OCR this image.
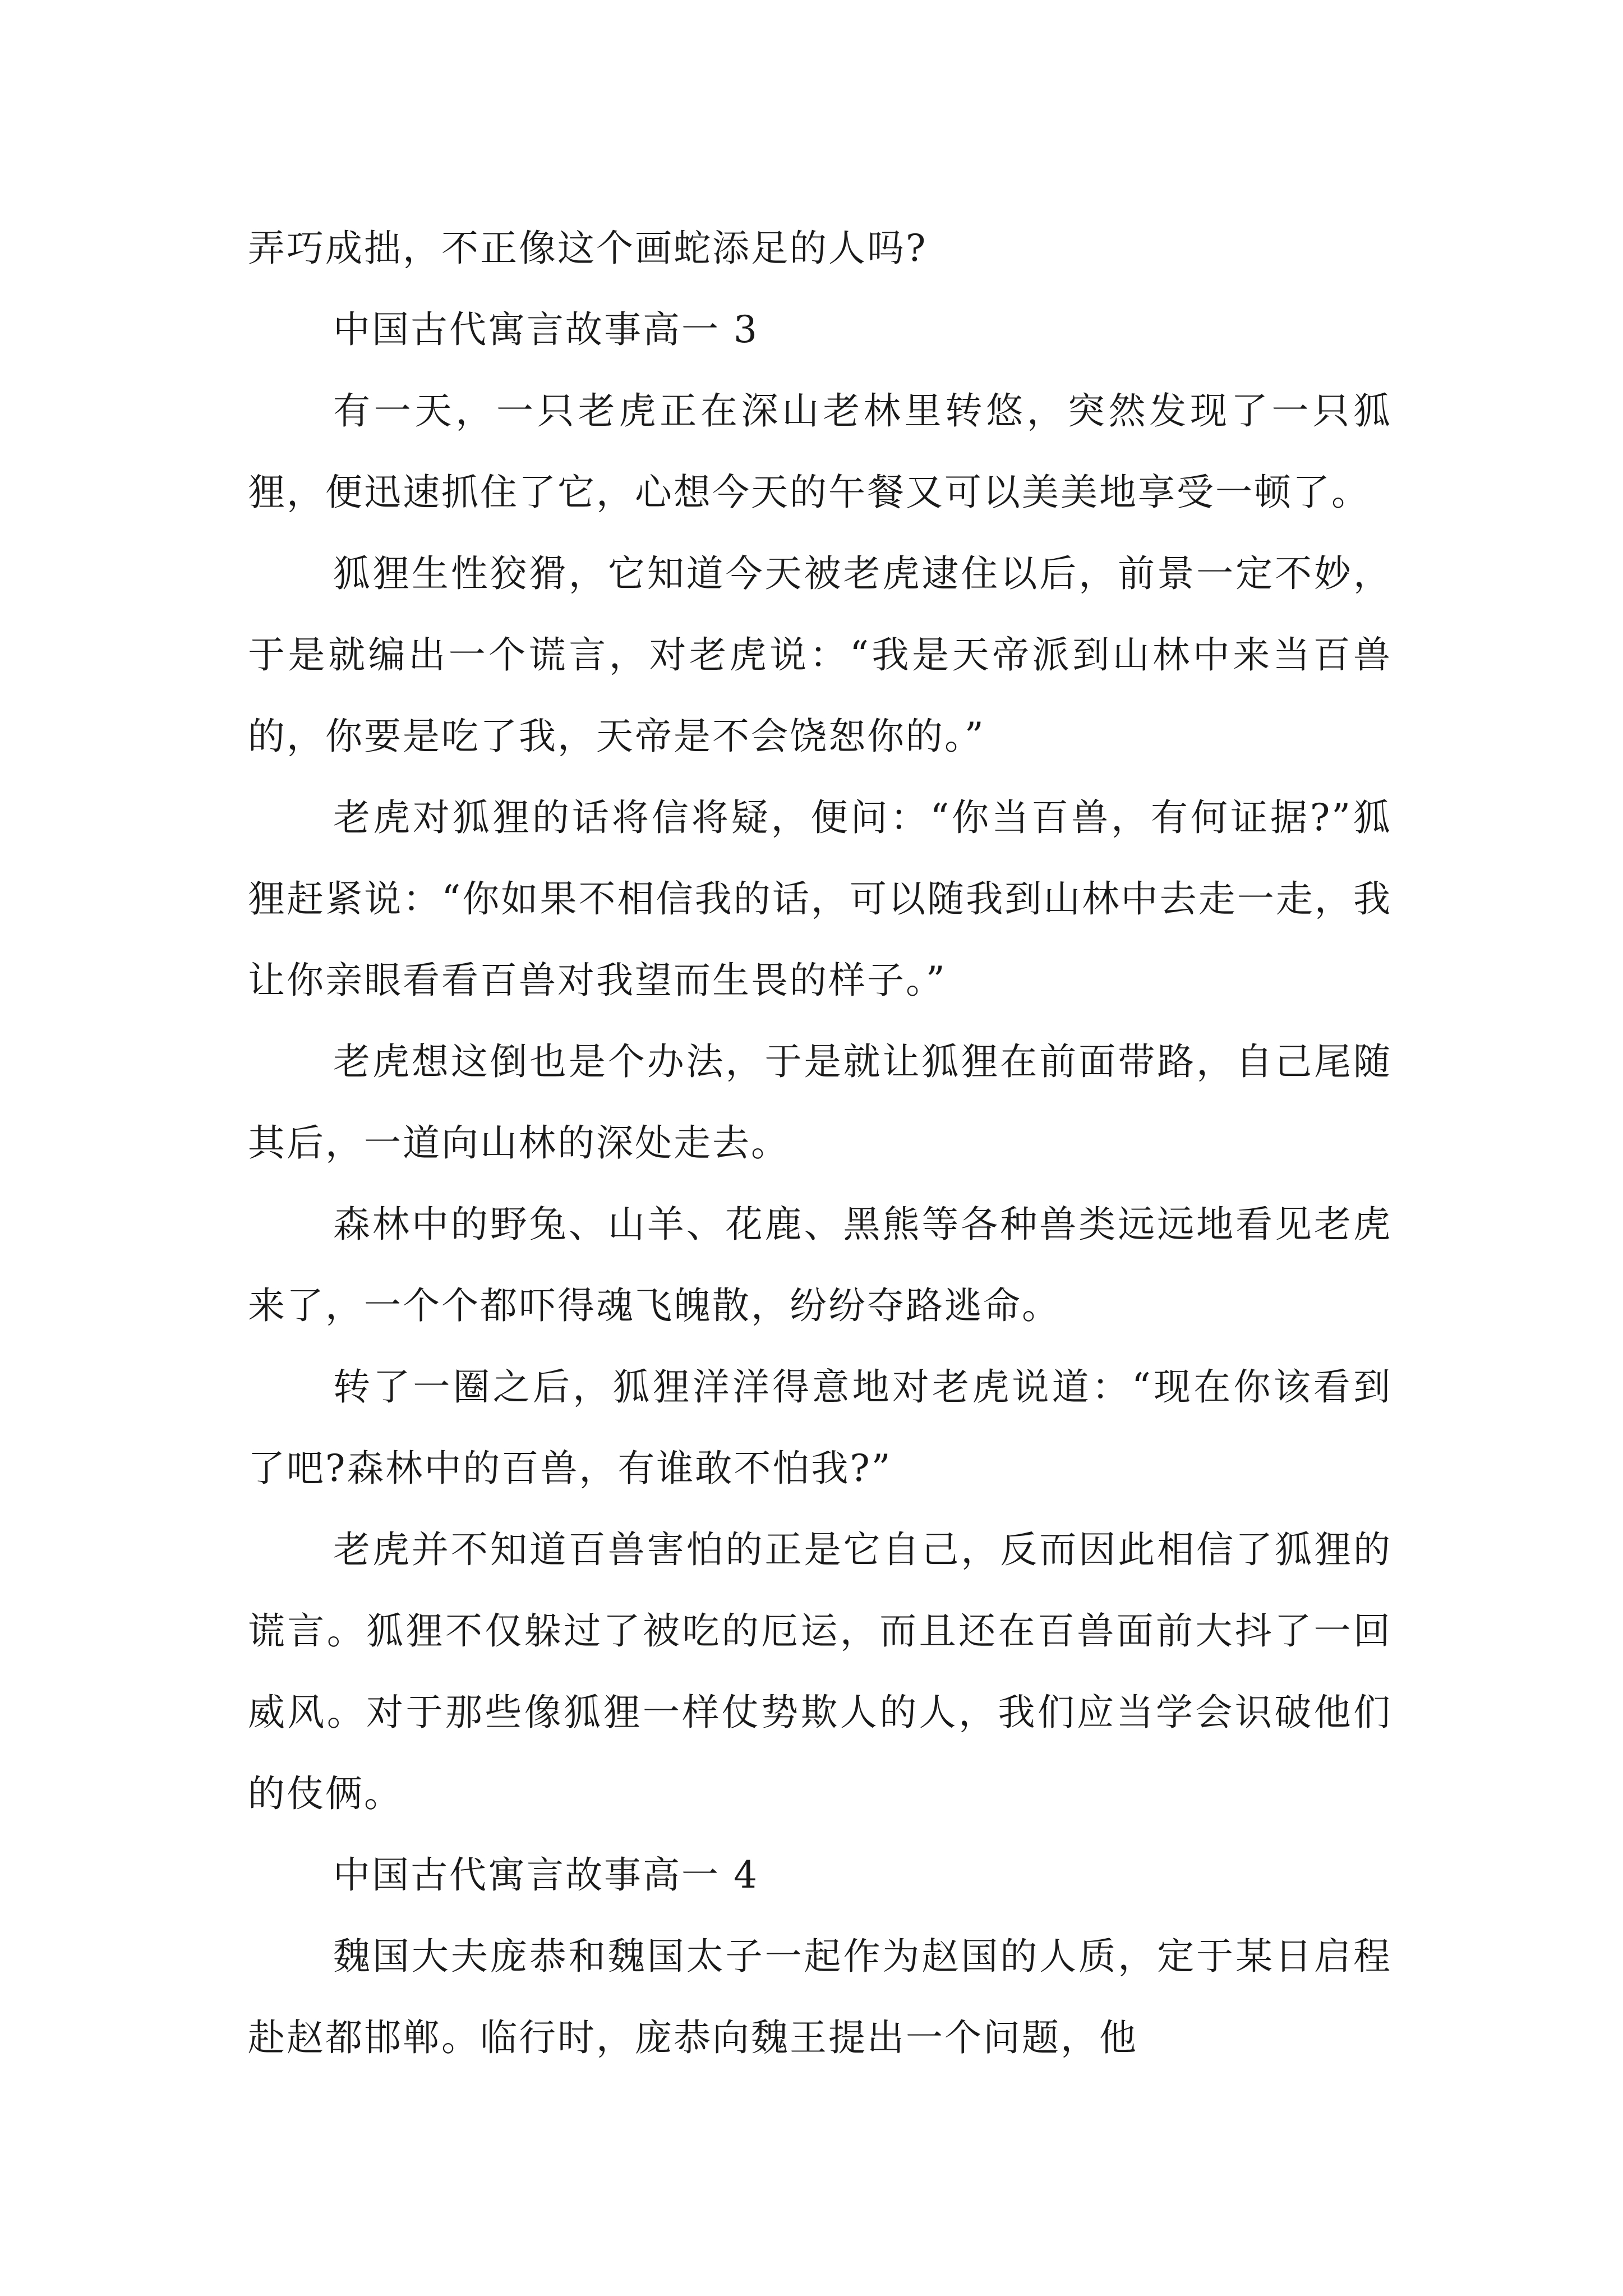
弄巧成拙，不正像这个画蛇添足的人吗?

中国古代寓言故事高一 3

有一天，一只老虎正在深山老林里转悠，突然发现了一只狐狸，便迅速抓住了它，心想今天的午餐又可以美美地享受一顿了。

狐狸生性狡猾，它知道今天被老虎逮住以后，前景一定不妙，于是就编出一个谎言，对老虎说：“我是天帝派到山林中来当百兽的，你要是吃了我，天帝是不会饶恕你的。”

老虎对狐狸的话将信将疑，便问：“你当百兽，有何证据?”狐狸赶紧说：“你如果不相信我的话，可以随我到山林中去走一走，我让你亲眼看看百兽对我望而生畏的样子。”

老虎想这倒也是个办法，于是就让狐狸在前面带路，自己尾随其后，一道向山林的深处走去。

森林中的野兔、山羊、花鹿、黑熊等各种兽类远远地看见老虎来了，一个个都吓得魂飞魄散，纷纷夺路逃命。

转了一圈之后，狐狸洋洋得意地对老虎说道：“现在你该看到了吧?森林中的百兽，有谁敢不怕我?”

老虎并不知道百兽害怕的正是它自己，反而因此相信了狐狸的谎言。狐狸不仅躲过了被吃的厄运，而且还在百兽面前大抖了一回威风。对于那些像狐狸一样仗势欺人的人，我们应当学会识破他们的伎俩。

中国古代寓言故事高一 4

魏国大夫庞恭和魏国太子一起作为赵国的人质，定于某日启程赴赵都邯郸。临行时，庞恭向魏王提出一个问题，他
